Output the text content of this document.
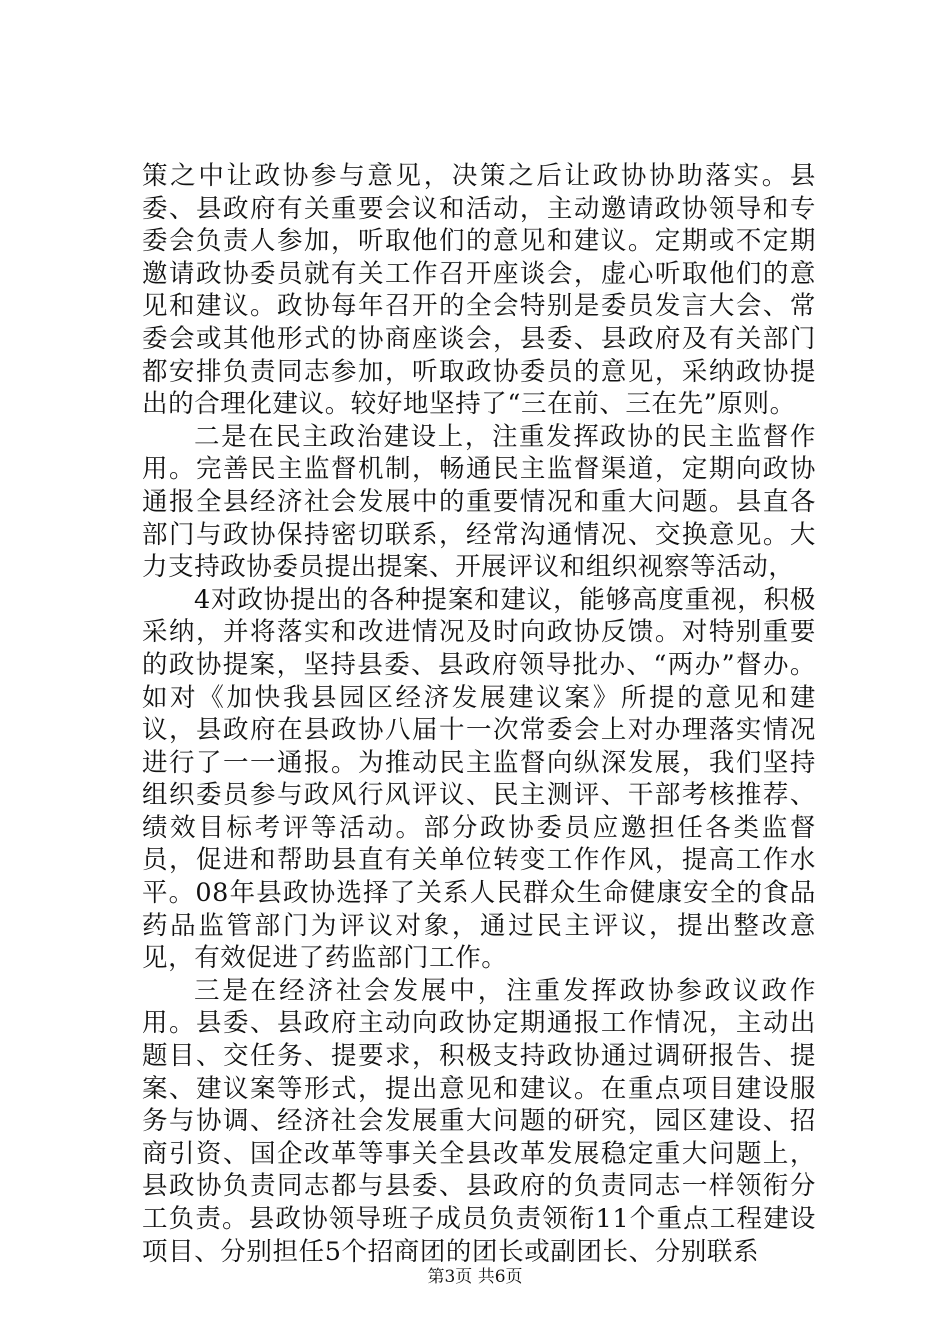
策之中让政协参与意见，决策之后让政协协助落实。县委、县政府有关重要会议和活动，主动邀请政协领导和专委会负责人参加，听取他们的意见和建议。定期或不定期邀请政协委员就有关工作召开座谈会，虚心听取他们的意见和建议。政协每年召开的全会特别是委员发言大会、常委会或其他形式的协商座谈会，县委、县政府及有关部门都安排负责同志参加，听取政协委员的意见，采纳政协提出的合理化建议。较好地坚持了“三在前、三在先”原则。

二是在民主政治建设上，注重发挥政协的民主监督作用。完善民主监督机制，畅通民主监督渠道，定期向政协通报全县经济社会发展中的重要情况和重大问题。县直各部门与政协保持密切联系，经常沟通情况、交换意见。大力支持政协委员提出提案、开展评议和组织视察等活动，

4对政协提出的各种提案和建议，能够高度重视，积极采纳，并将落实和改进情况及时向政协反馈。对特别重要的政协提案，坚持县委、县政府领导批办、“两办”督办。如对《加快我县园区经济发展建议案》所提的意见和建议，县政府在县政协八届十一次常委会上对办理落实情况进行了一一通报。为推动民主监督向纵深发展，我们坚持组织委员参与政风行风评议、民主测评、干部考核推荐、绩效目标考评等活动。部分政协委员应邀担任各类监督员，促进和帮助县直有关单位转变工作作风，提高工作水平。08年县政协选择了关系人民群众生命健康安全的食品药品监管部门为评议对象，通过民主评议，提出整改意见，有效促进了药监部门工作。

三是在经济社会发展中，注重发挥政协参政议政作用。县委、县政府主动向政协定期通报工作情况，主动出题目、交任务、提要求，积极支持政协通过调研报告、提案、建议案等形式，提出意见和建议。在重点项目建设服务与协调、经济社会发展重大问题的研究，园区建设、招商引资、国企改革等事关全县改革发展稳定重大问题上，县政协负责同志都与县委、县政府的负责同志一样领衔分工负责。县政协领导班子成员负责领衔11个重点工程建设项目、分别担任5个招商团的团长或副团长、分别联系

第3页 共6页
